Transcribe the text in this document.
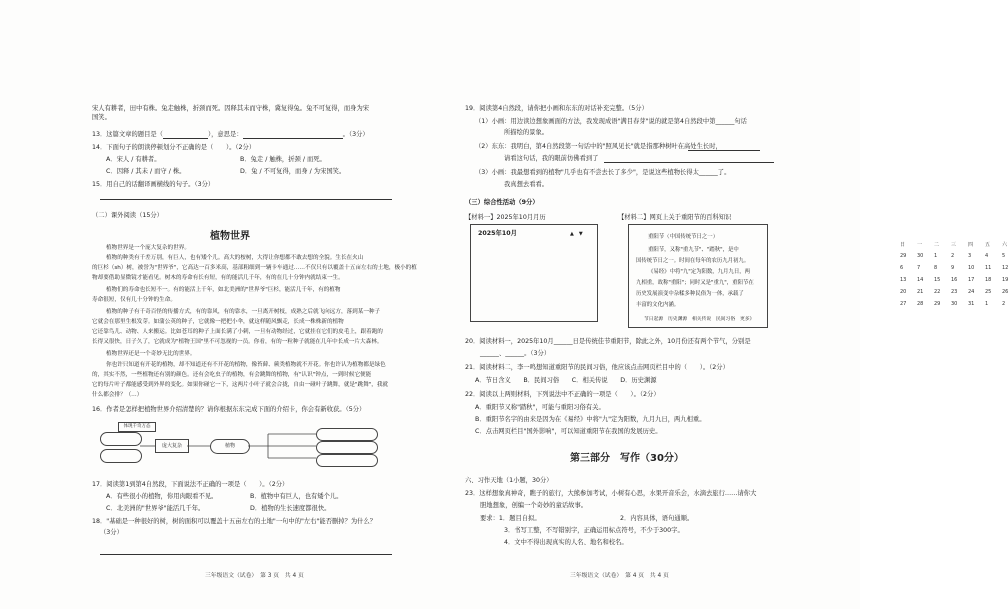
宋人有耕者，田中有株。兔走触株，折颈而死。因释其未而守株，冀复得兔。兔不可复得，而身为宋
国笑。
13．这篇文章的题目是（	），意思是：	。（3分）
14．下面句子的朗读停顿划分不正确的是（　　）。（2分）
A．宋人 / 有耕者。	B．兔走 / 触株，折颈 / 而死。
C．因释 / 其未 / 而守 / 株。	D．兔 / 不可复得，而身 / 为宋国笑。
15．用自己的话翻译画横线的句子。（3分）
（二）课外阅读（15分）
植物世界
植物世界是一个庞大复杂的世界。
植物的种类有千差万别，有巨人，也有矮个儿。高大的桉树，大得让你想都不敢去想的全貌。生长在火山
的巨杉（sh）树，被誉为"世界爷"，它高达一百多米高，基部粗细到一辆卡车通过……不仅只有以覆盖十五亩左右的土地，极小的植
物却要借助显微镜才能看见。树木的寿命有长有短，有的能活几千年，有的在几十分钟内就结束一生。
植物们的寿命也长短不一。有的能活上千年，如北美洲的"世界爷"巨杉，能活几千年，有的植物
寿命很短，仅有几十分钟的生命。
植物的种子有千奇百怪的传播方式，有的靠风，有的靠水，一旦离开树枝，成熟之后就飞向远方，落到某一种子
它就会在那里生根发芽。如蒲公英的种子，它就像一把把小伞，就这样随风飘走，长成一株株新的植物
它还靠鸟儿、动物、人来搬运。比如苍耳的种子上面长满了小刺，一旦有动物经过，它就挂在它们的皮毛上，跟着跑的
长得又很快，日子久了，它就成为"植物王国"里不可忽视的一员。你看，有的一粒种子就能在几年中长成一片大森林。
植物世界还是一个奇妙无比的世界。
你也许只知道有开花的植物，却不知道还有不开花的植物，像苔藓、蕨类植物就不开花。你也许认为植物都是绿色
的，其实不然，一些植物还有别的颜色。还有会吃虫子的植物，有会跳舞的植物，有"认识"钟点，一到时候它便能
它的每片叶子都能感受到外界的变化。如果你碰它一下，这两片小叶子就会合拢，自由一碰叶子跳舞，就是"跳舞"，我就
什么都会排？（…）
16．作者是怎样把植物世界介绍清楚的？请你根据东东完成下面的介绍卡，你会有新收获。（5分）
体现千奇万态
庞大复杂	植物
17．阅读第1到第4自然段，下面说法不正确的一项是（　　）。（2分）
A．有些很小的植物，你用肉眼看不见。	B．植物中有巨人，也有矮个儿。
C．北美洲的"世界爷"能活几千年。	D．植物的生长速度都很快。
18．"基础是一种很好的树，树的面积可以覆盖十五亩左右的土地"一句中的"左右"能否删掉？为什么？
（3分）
三年级语文（试卷）　第 3 页　共 4 页
19．阅读第4自然段，请你把小画和东东的对话补充完整。（5分）
（1）小画：用边读边想象画面的方法，我发现成语"满目春芽"说的就是第4自然段中第______句话
所描绘的景象。
（2）东东：我明白，第4自然段第一句话中的"照风见长"就是指那种树叶在高处生长时，
请看这句话，我的眼前仿佛看到了
（3）小画：我最想看到的植物"几乎也有不尝去长了多少"，是说这些植物长得太______了。
我真想去看看。
（三）综合性活动（9分）
【材料一】2025年10月月历	【材料二】网页上关于重阳节的百科知识
2025年10月	▲　▼
日 一 二 三 四 五 六
29 30 1	2	3	4	5
6	7	8	9	10 11 12
13 14 15 16 17 18 19
20 21 22 23 24 25 26
27 28 29 30 31 1	2
重阳节（中国传统节日之一）
重阳节，又称"重九节"、"踏秋"，是中
国传统节日之一。时间在每年的农历九月初九。
《易经》中将"九"定为阳数，九月九日，两
九相重，故称"重阳"；同时又是"重九"，重阳节在
历史发展演变中杂糅多种民俗为一体，承载了
丰富的文化内涵。
节日起源　历史渊源　相关传说　民间习俗　更多》
20．阅读材料一，2025年10月______日是传统佳节重阳节，除此之外，10月份还有两个节气，分别是
______、______。（3分）
21．阅读材料二，李一鸣想知道重阳节的民间习俗，他应该点击网页栏目中的（　　）。（2分）
A．节日含义　　B．民间习俗　　C．相关传说　　D．历史渊源
22．阅读以上两则材料，下列说法中不正确的一项是（　　）。（2分）
A．重阳节又称"踏秋"，可能与重阳习俗有关。
B．重阳节名字的由来是因为在《易经》中将"九"定为阳数，九月九日，两九相重。
C．点击网页栏目"国外影响"，可以知道重阳节在我国的发展历史。
第三部分　写作（30分）
六、习作天地（1小题，30分）
23．这样想象真神奇，瞧子的旅行，大熊参加考试，小树有心思，水果开音乐会，水滴去旅行……请你大
胆地想象，创编一个奇妙的童话故事。
要求：1．题目自拟。	2．内容具体，语句通顺。
3．书写工整，不写错别字，正确运用标点符号，不少于300字。
4．文中不得出现真实的人名、地名和校名。
三年级语文（试卷）　第 4 页　共 4 页
